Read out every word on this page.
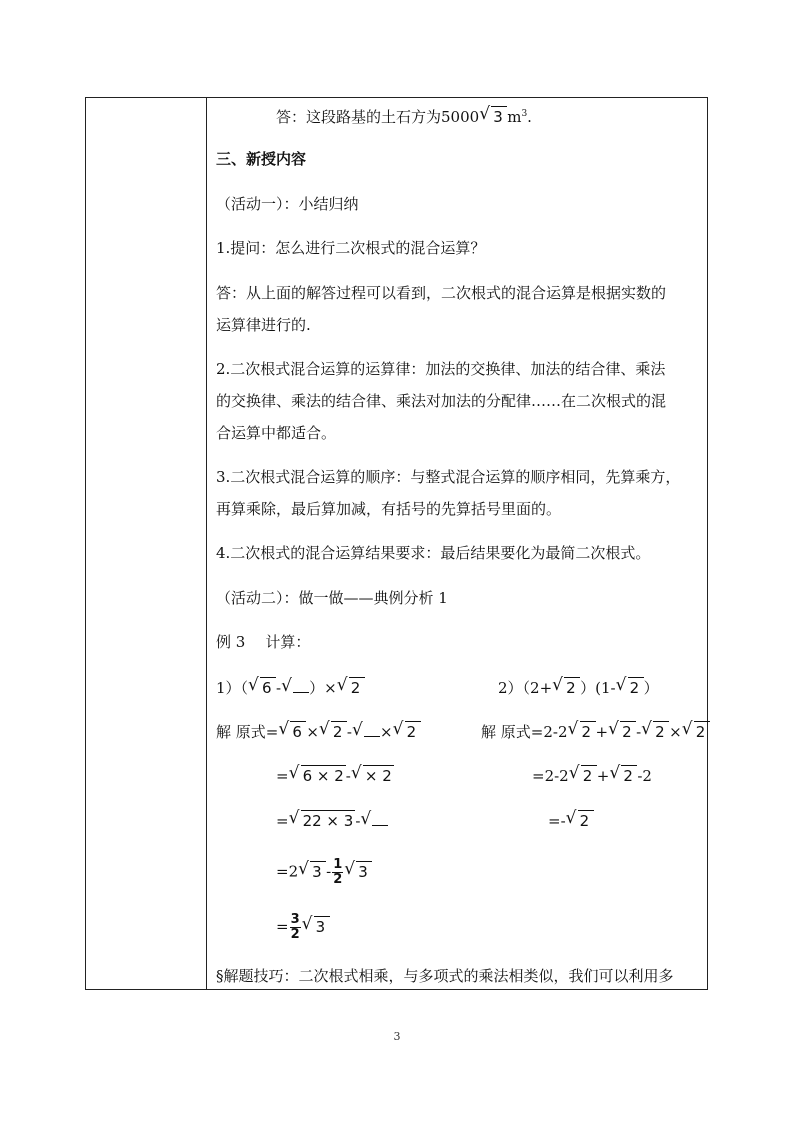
答：这段路基的土石方为5000 √ 3 $m^3$.
三、新授内容
（活动一）：小结归纳
1.提问：怎么进行二次根式的混合运算？
答：从上面的解答过程可以看到，二次根式的混合运算是根据实数的
运算律进行的.
2.二次根式混合运算的运算律：加法的交换律、加法的结合律、乘法
的交换律、乘法的结合律、乘法对加法的分配律……在二次根式的混
合运算中都适合。
3.二次根式混合运算的顺序：与整式混合运算的顺序相同，先算乘方，
再算乘除，最后算加减，有括号的先算括号里面的。
4.二次根式的混合运算结果要求：最后结果要化为最简二次根式。
（活动二）：做一做——典例分析 1
例 3 计算：
1）（ √ 6 - √ ）× √ 2	2）（2+ √ 2 ）(1- √ 2 ）
解 原式= √ 6 × √ 2 - √ × √ 2
= √ 6 × 2 - √ × 2
= √ 22 × 3 -√
=2 √ $3 - \frac{1}{2}$ √ 3
= $\frac{3}{2}$ √ 3
解 原式=2-2 √ 2 + √ 2 - √ 2 × √ 2
=2-2 √ 2 + √ 2 -2
=- √ 2
§解题技巧：二次根式相乘，与多项式的乘法相类似，我们可以利用多
3
